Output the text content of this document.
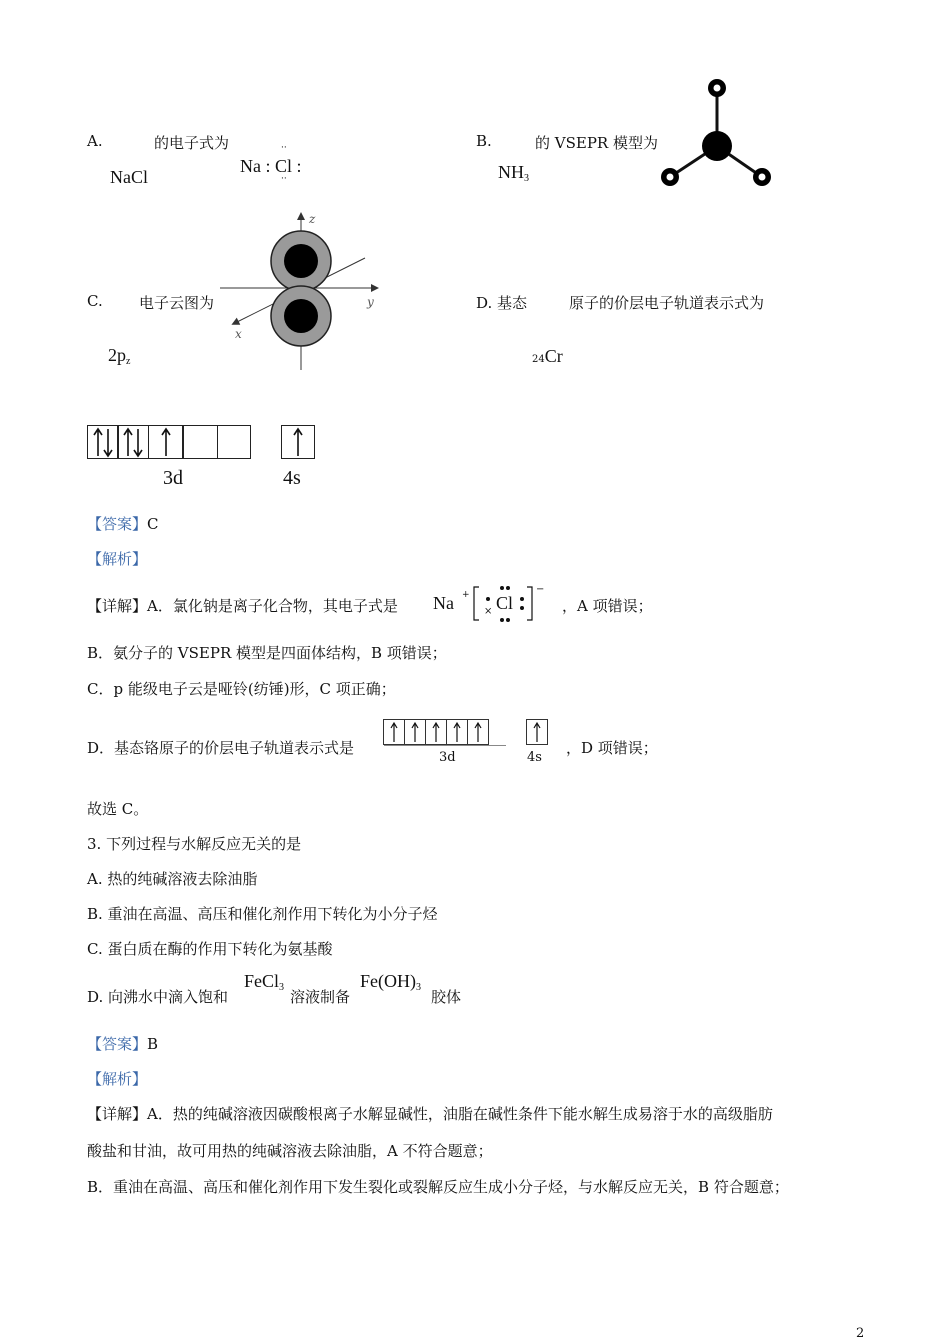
A.	的电子式为
NaCl
Na : Cl :
··
··
B.	的 VSEPR 模型为
$NH_3$
C. 电子云图为
$2p_z$
z
y
x
D. 基态	原子的价层电子轨道表示式为
24Cr
3d	4s
【答案】C
【解析】
【详解】A．氯化钠是离子化合物，其电子式是 Na +
×
−
Cl	，A 项错误；
B．氨分子的 VSEPR 模型是四面体结构，B 项错误；
C．p 能级电子云是哑铃(纺锤)形，C 项正确；
D．基态铬原子的价层电子轨道表示式是
3d	4s
，D 项错误；
故选 C。
3. 下列过程与水解反应无关的是
A. 热的纯碱溶液去除油脂
B. 重油在高温、高压和催化剂作用下转化为小分子烃
C. 蛋白质在酶的作用下转化为氨基酸
D. 向沸水中滴入饱和
FeCl$_3$
溶液制备
$Fe(OH)_3$
胶体
【答案】B
【解析】
【详解】A．热的纯碱溶液因碳酸根离子水解显碱性，油脂在碱性条件下能水解生成易溶于水的高级脂肪
酸盐和甘油，故可用热的纯碱溶液去除油脂，A 不符合题意；
B．重油在高温、高压和催化剂作用下发生裂化或裂解反应生成小分子烃，与水解反应无关，B 符合题意；
2
